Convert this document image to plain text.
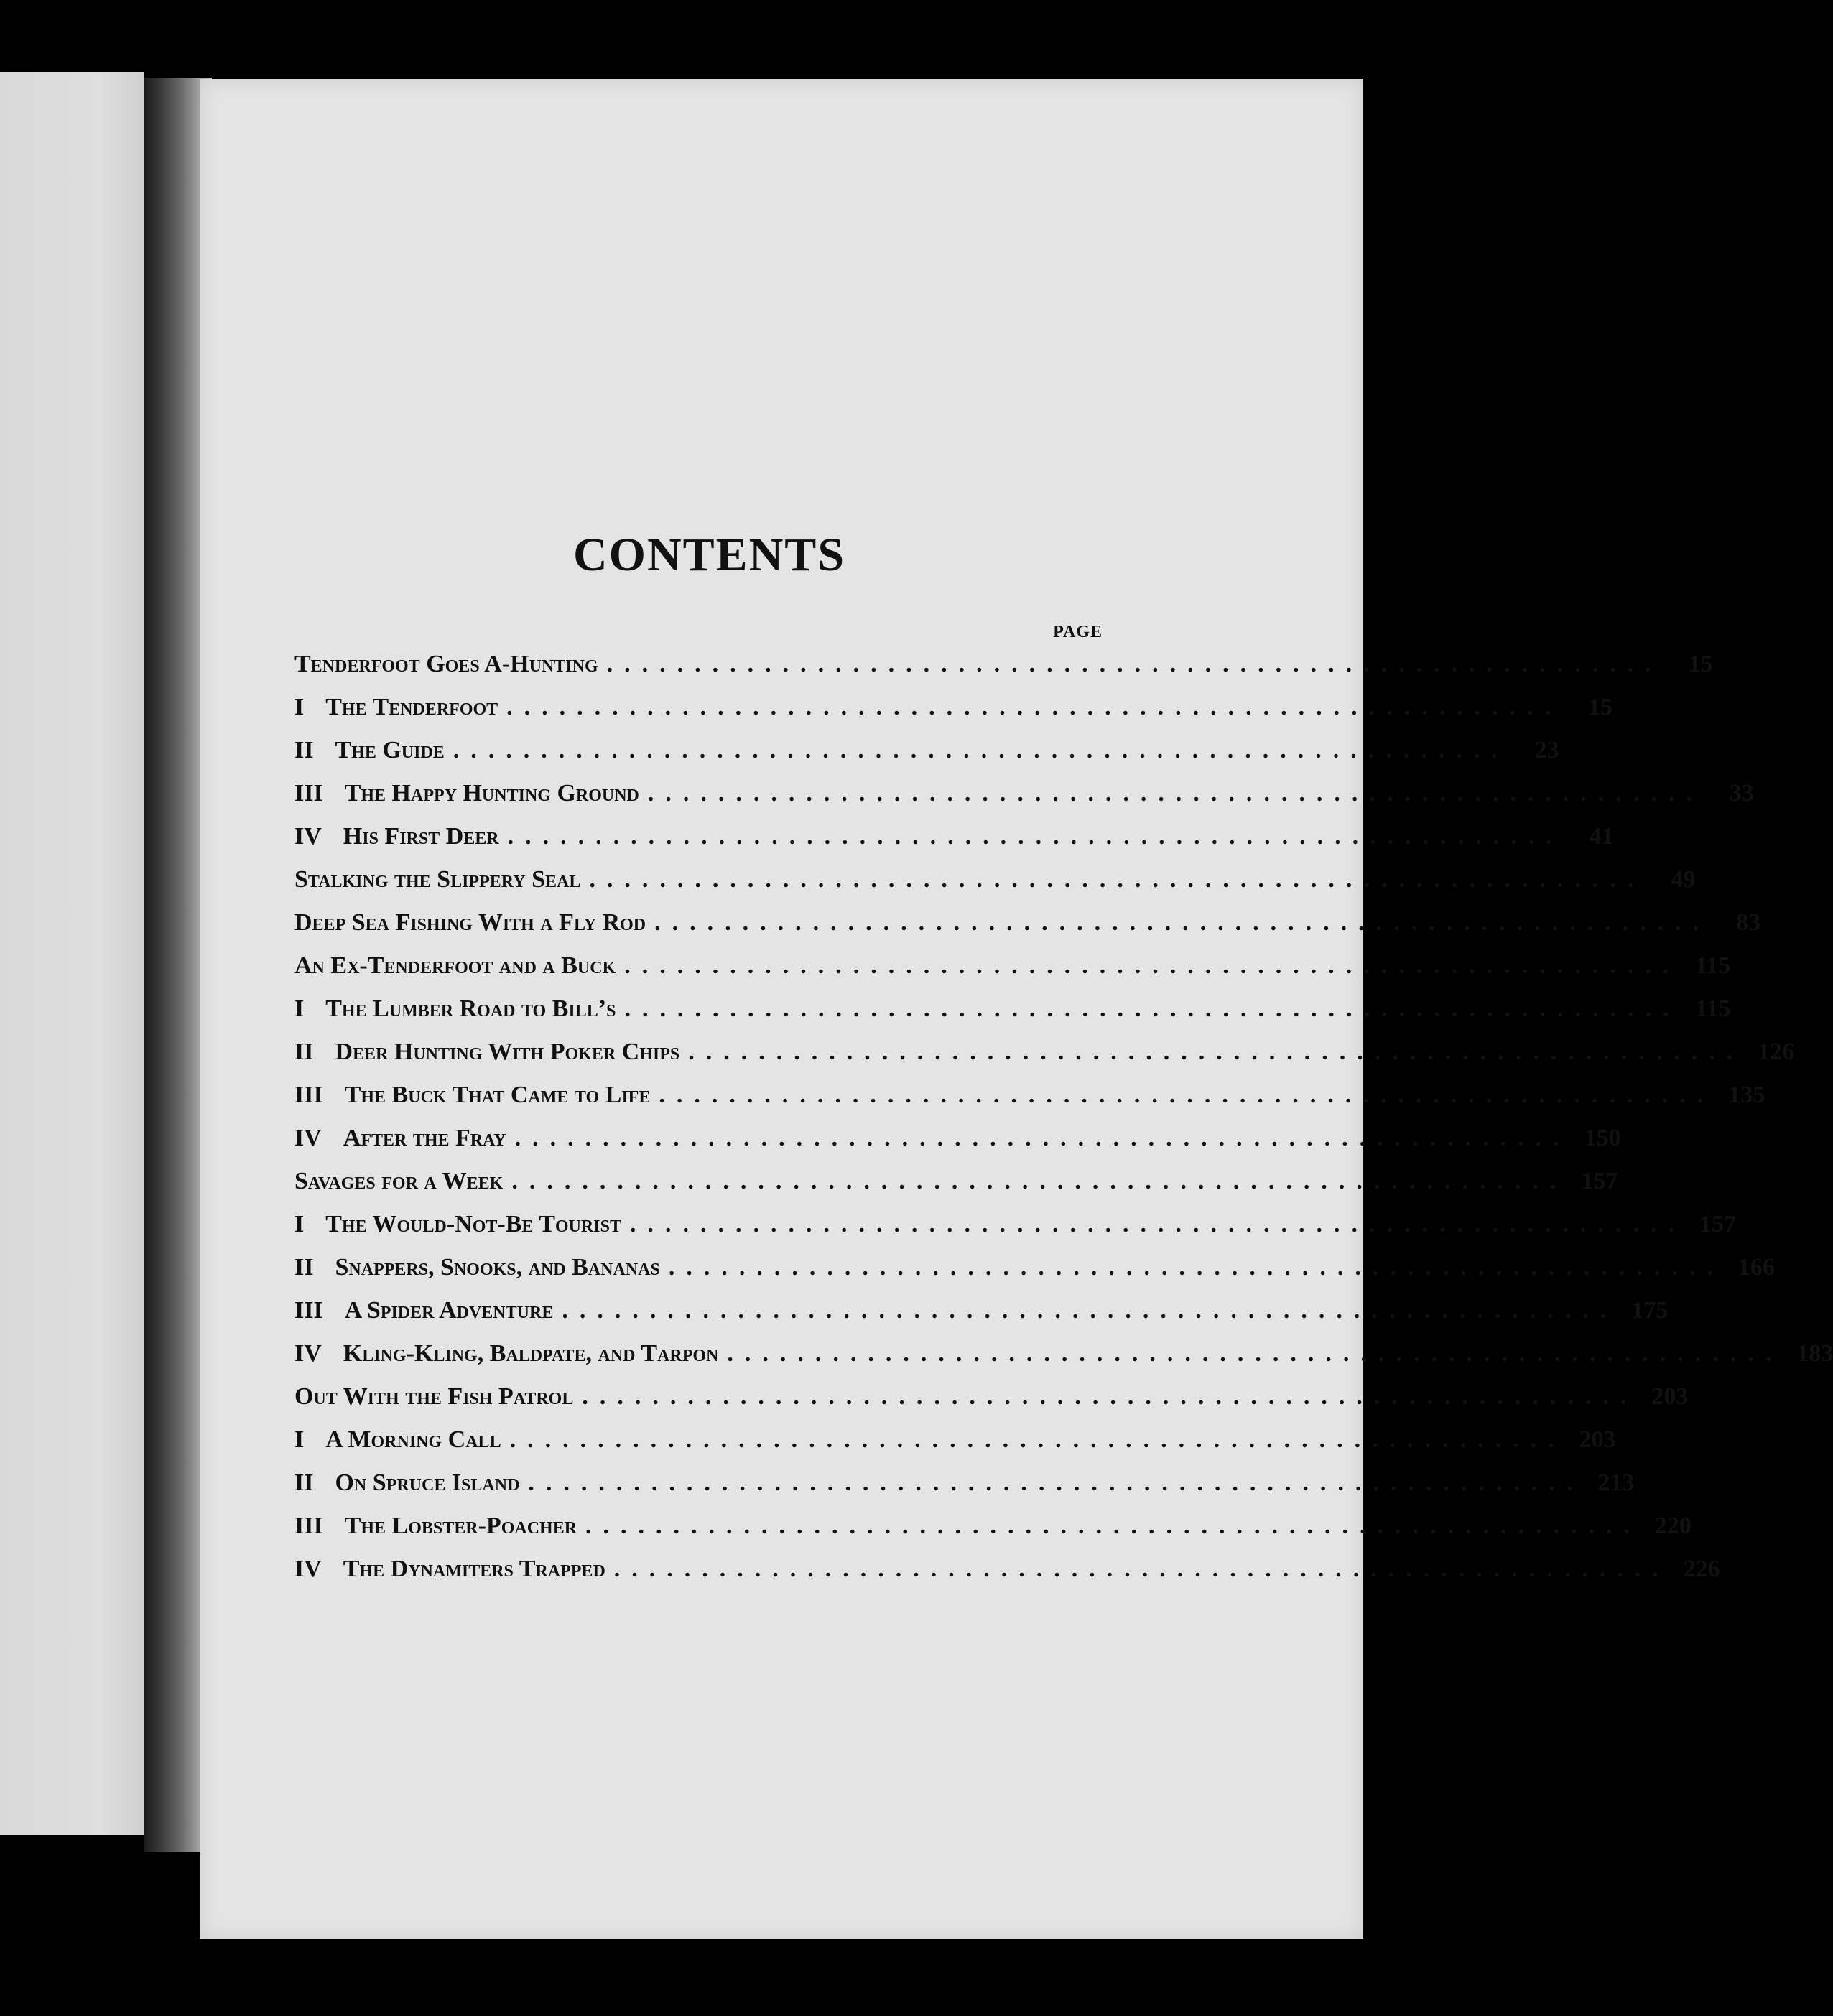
CONTENTS
PAGE
Tenderfoot Goes A-Hunting ............................................................	15
I The Tenderfoot ............................................................	15
II The Guide ............................................................	23
III The Happy Hunting Ground ............................................................	33
IV His First Deer ............................................................	41
Stalking the Slippery Seal ............................................................	49
Deep Sea Fishing With a Fly Rod ............................................................	83
An Ex-Tenderfoot and a Buck ............................................................ 115
I The Lumber Road to Bill’s ............................................................ 115
II Deer Hunting With Poker Chips ............................................................ 126
III The Buck That Came to Life ............................................................ 135
IV After the Fray ............................................................ 150
Savages for a Week ............................................................ 157
I The Would-Not-Be Tourist ............................................................ 157
II Snappers, Snooks, and Bananas ............................................................ 166
III A Spider Adventure ............................................................ 175
IV Kling-Kling, Baldpate, and Tarpon ............................................................ 183
Out With the Fish Patrol ............................................................ 203
I A Morning Call ............................................................ 203
II On Spruce Island ............................................................ 213
III The Lobster-Poacher ............................................................ 220
IV The Dynamiters Trapped ............................................................ 226
